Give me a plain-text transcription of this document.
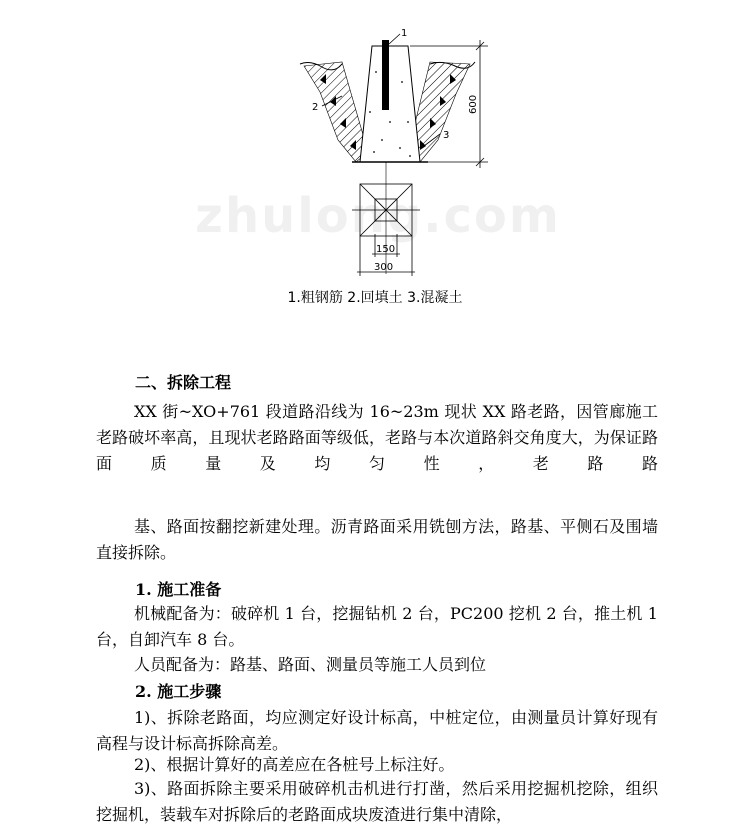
1
2
3
600
150
300
zhulong.com
1.粗钢筋 2.回填土 3.混凝土
二、拆除工程

XX 街~XO+761 段道路沿线为 16~23m 现状 XX 路老路，因管廊施工老路破坏率高，且现状老路路面等级低，老路与本次道路斜交角度大，为保证路面质量及均匀性，老路路

基、路面按翻挖新建处理。沥青路面采用铣刨方法，路基、平侧石及围墙直接拆除。

1. 施工准备

机械配备为：破碎机 1 台，挖掘钻机 2 台，PC200 挖机 2 台，推土机 1 台，自卸汽车 8 台。

人员配备为：路基、路面、测量员等施工人员到位

2. 施工步骤

1)、拆除老路面，均应测定好设计标高，中桩定位，由测量员计算好现有高程与设计标高拆除高差。

2)、根据计算好的高差应在各桩号上标注好。

3)、路面拆除主要采用破碎机击机进行打凿，然后采用挖掘机挖除，组织挖掘机，装载车对拆除后的老路面成块废渣进行集中清除，
